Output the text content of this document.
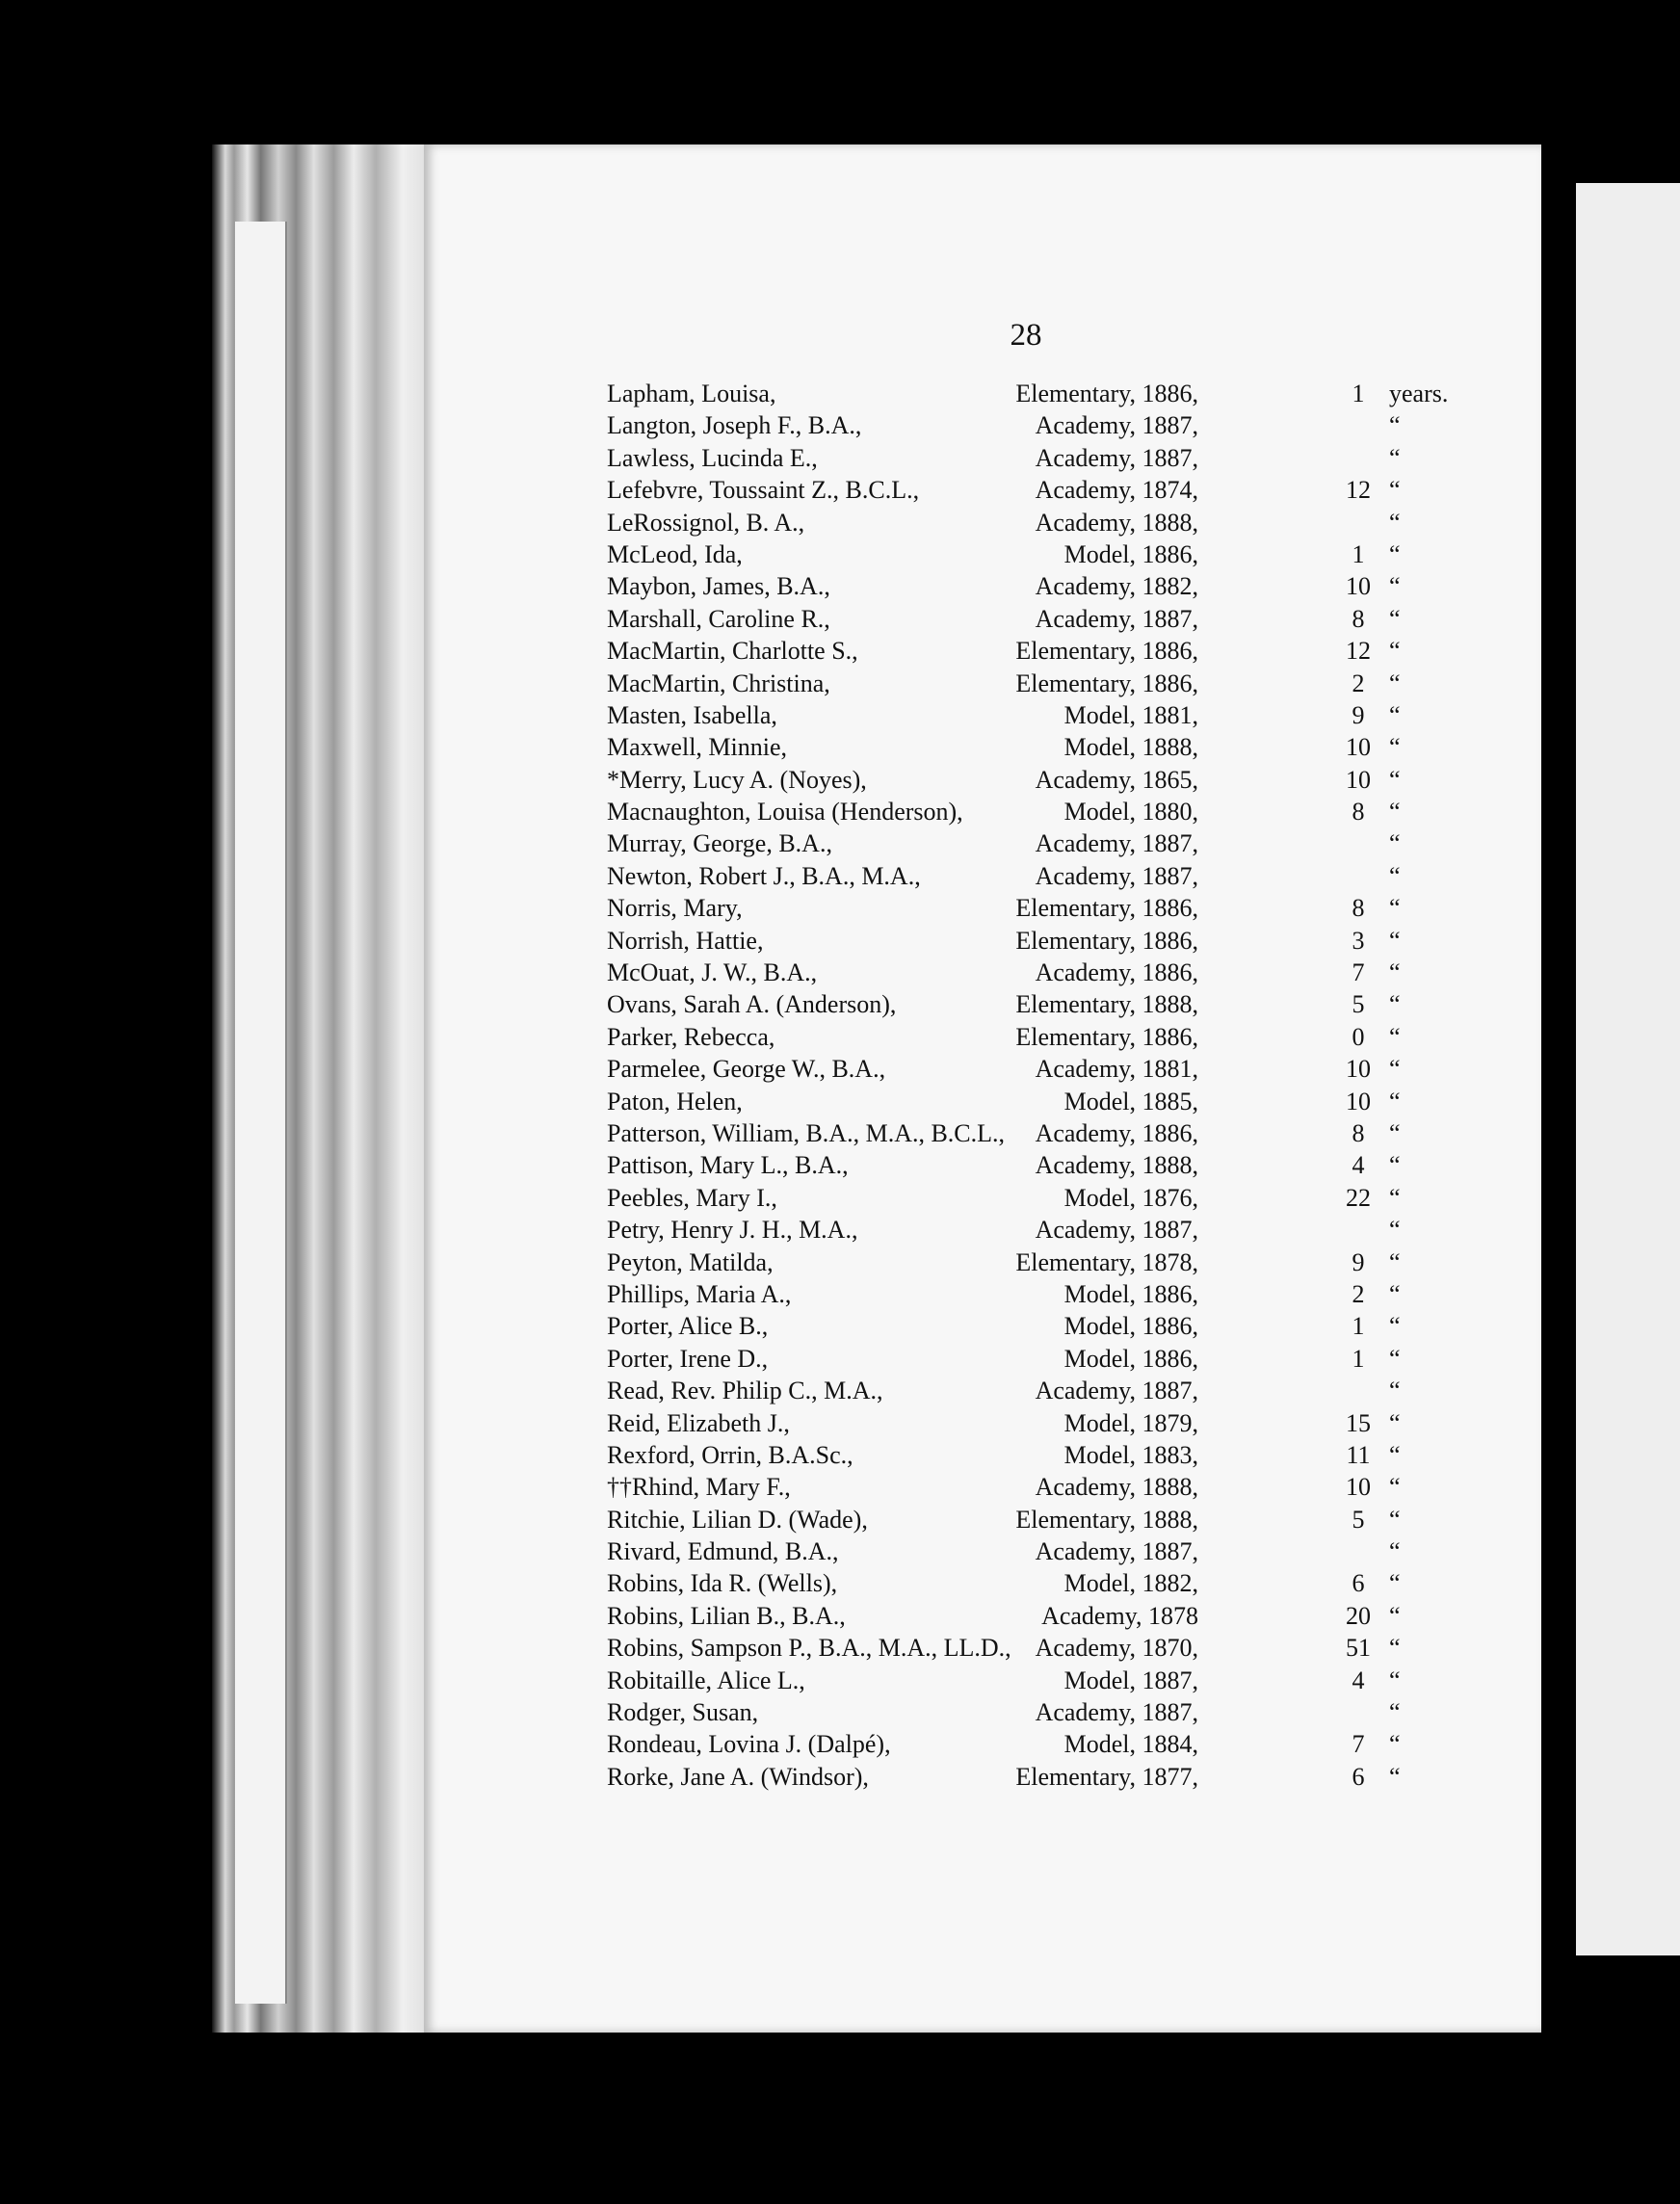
28
Lapham, Louisa,	Elementary, 1886,	1 years.
Langton, Joseph F., B.A.,	Academy, 1887,	“
Lawless, Lucinda E.,	Academy, 1887,	“
Lefebvre, Toussaint Z., B.C.L.,	Academy, 1874,	12 “
LeRossignol, B. A.,	Academy, 1888,	“
McLeod, Ida,	Model, 1886,	1 “
Maybon, James, B.A.,	Academy, 1882,	10 “
Marshall, Caroline R.,	Academy, 1887,	8 “
MacMartin, Charlotte S.,	Elementary, 1886,	12 “
MacMartin, Christina,	Elementary, 1886,	2 “
Masten, Isabella,	Model, 1881,	9 “
Maxwell, Minnie,	Model, 1888,	10 “
*Merry, Lucy A. (Noyes),	Academy, 1865,	10 “
Macnaughton, Louisa (Henderson),	Model, 1880,	8 “
Murray, George, B.A.,	Academy, 1887,	“
Newton, Robert J., B.A., M.A.,	Academy, 1887,	“
Norris, Mary,	Elementary, 1886,	8 “
Norrish, Hattie,	Elementary, 1886,	3 “
McOuat, J. W., B.A.,	Academy, 1886,	7 “
Ovans, Sarah A. (Anderson),	Elementary, 1888,	5 “
Parker, Rebecca,	Elementary, 1886,	0 “
Parmelee, George W., B.A.,	Academy, 1881,	10 “
Paton, Helen,	Model, 1885,	10 “
Patterson, William, B.A., M.A., B.C.L., Academy, 1886,	8 “
Pattison, Mary L., B.A.,	Academy, 1888,	4 “
Peebles, Mary I.,	Model, 1876,	22 “
Petry, Henry J. H., M.A.,	Academy, 1887,	“
Peyton, Matilda,	Elementary, 1878,	9 “
Phillips, Maria A.,	Model, 1886,	2 “
Porter, Alice B.,	Model, 1886,	1 “
Porter, Irene D.,	Model, 1886,	1 “
Read, Rev. Philip C., M.A.,	Academy, 1887,	“
Reid, Elizabeth J.,	Model, 1879,	15 “
Rexford, Orrin, B.A.Sc.,	Model, 1883,	11 “
††Rhind, Mary F.,	Academy, 1888,	10 “
Ritchie, Lilian D. (Wade),	Elementary, 1888,	5 “
Rivard, Edmund, B.A.,	Academy, 1887,	“
Robins, Ida R. (Wells),	Model, 1882,	6 “
Robins, Lilian B., B.A.,	Academy, 1878	20 “
Robins, Sampson P., B.A., M.A., LL.D., Academy, 1870,	51 “
Robitaille, Alice L.,	Model, 1887,	4 “
Rodger, Susan,	Academy, 1887,	“
Rondeau, Lovina J. (Dalpé),	Model, 1884,	7 “
Rorke, Jane A. (Windsor),	Elementary, 1877,	6 “
